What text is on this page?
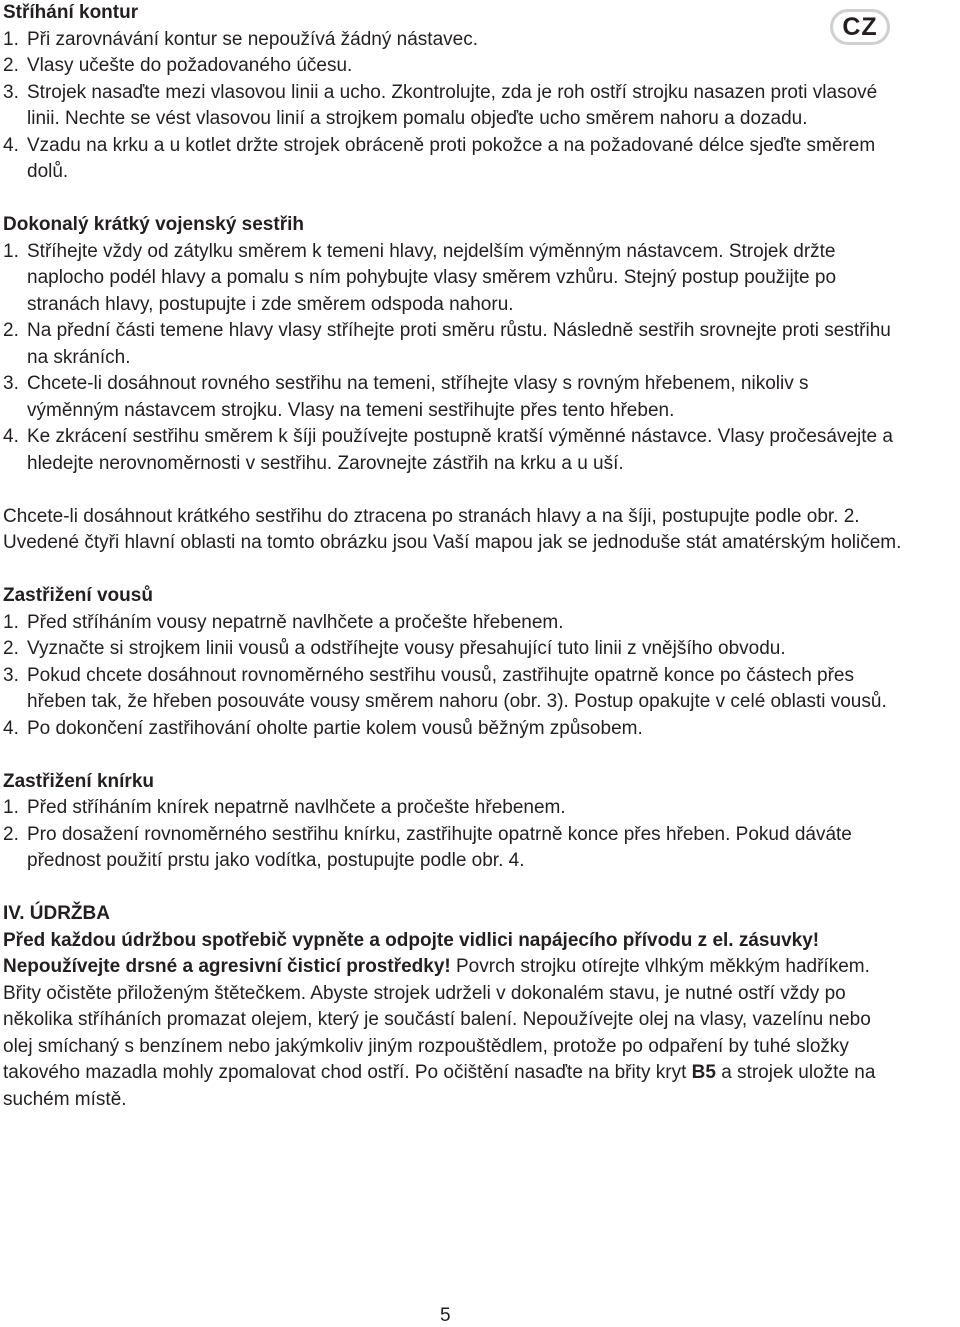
CZ
Stříhání kontur
1. Při zarovnávání kontur se nepoužívá žádný nástavec.
2. Vlasy učešte do požadovaného účesu.
3. Strojek nasaďte mezi vlasovou linii a ucho. Zkontrolujte, zda je roh ostří strojku nasazen proti vlasové linii. Nechte se vést vlasovou linií a strojkem pomalu objeďte ucho směrem nahoru a dozadu.
4. Vzadu na krku a u kotlet držte strojek obráceně proti pokožce a na požadované délce sjeďte směrem dolů.
Dokonalý krátký vojenský sestřih
1. Stříhejte vždy od zátylku směrem k temeni hlavy, nejdelším výměnným nástavcem. Strojek držte naplocho podél hlavy a pomalu s ním pohybujte vlasy směrem vzhůru. Stejný postup použijte po stranách hlavy, postupujte i zde směrem odspoda nahoru.
2. Na přední části temene hlavy vlasy stříhejte proti směru růstu. Následně sestřih srovnejte proti sestřihu na skráních.
3. Chcete-li dosáhnout rovného sestřihu na temeni, stříhejte vlasy s rovným hřebenem, nikoliv s výměnným nástavcem strojku. Vlasy na temeni sestřihujte přes tento hřeben.
4. Ke zkrácení sestřihu směrem k šíji používejte postupně kratší výměnné nástavce. Vlasy pročesávejte a hledejte nerovnoměrnosti v sestřihu. Zarovnejte zástřih na krku a u uší.
Chcete-li dosáhnout krátkého sestřihu do ztracena po stranách hlavy a na šíji, postupujte podle obr. 2. Uvedené čtyři hlavní oblasti na tomto obrázku jsou Vaší mapou jak se jednoduše stát amatérským holičem.
Zastřižení vousů
1. Před stříháním vousy nepatrně navlhčete a pročešte hřebenem.
2. Vyznačte si strojkem linii vousů a odstříhejte vousy přesahující tuto linii z vnějšího obvodu.
3. Pokud chcete dosáhnout rovnoměrného sestřihu vousů, zastřihujte opatrně konce po částech přes hřeben tak, že hřeben posouváte vousy směrem nahoru (obr. 3). Postup opakujte v celé oblasti vousů.
4. Po dokončení zastřihování oholte partie kolem vousů běžným způsobem.
Zastřižení knírku
1. Před stříháním knírek nepatrně navlhčete a pročešte hřebenem.
2. Pro dosažení rovnoměrného sestřihu knírku, zastřihujte opatrně konce přes hřeben. Pokud dáváte přednost použití prstu jako vodítka, postupujte podle obr. 4.
IV. ÚDRŽBA
Před každou údržbou spotřebič vypněte a odpojte vidlici napájecího přívodu z el. zásuvky! Nepoužívejte drsné a agresivní čisticí prostředky! Povrch strojku otírejte vlhkým měkkým hadříkem. Břity očistěte přiloženým štětečkem. Abyste strojek udrželi v dokonalém stavu, je nutné ostří vždy po několika stříháních promazat olejem, který je součástí balení. Nepoužívejte olej na vlasy, vazelínu nebo olej smíchaný s benzínem nebo jakýmkoliv jiným rozpouštědlem, protože po odpaření by tuhé složky takového mazadla mohly zpomalovat chod ostří. Po očištění nasaďte na břity kryt B5 a strojek uložte na suchém místě.
5
